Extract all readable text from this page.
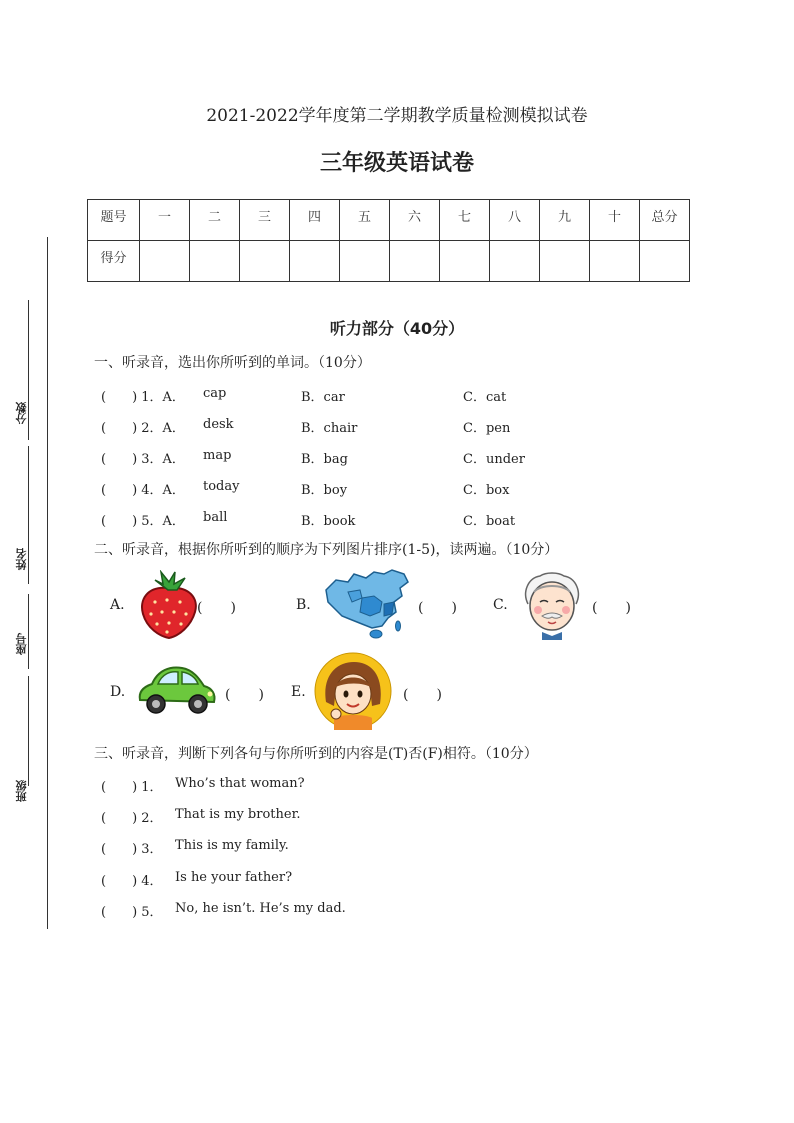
2021-2022学年度第二学期教学质量检测模拟试卷
三年级英语试卷
题号	一	二	三	四	五	六	七	八	九	十	总分
得分											
分数
姓名
座号
班级
听力部分（40分）
一、听录音，选出你所听到的单词。（10分）
(　　) 1．A． cap	B．car	C．cat
(　　) 2．A． desk	B．chair	C．pen
(　　) 3．A． map	B．bag	C．under
(　　) 4．A． today	B．boy	C．box
(　　) 5．A． ball	B．book	C．boat
二、听录音，根据你所听到的顺序为下列图片排序(1-5)，读两遍。（10分）
A.	(　　)	B.	(　　)	C.	(　　)
D.	(　　) E.	(　　)
三、听录音，判断下列各句与你所听到的内容是(T)否(F)相符。（10分）
(　　) 1． Who’s that woman?
(　　) 2． That is my brother.
(　　) 3． This is my family.
(　　) 4． Is he your father?
(　　) 5． No, he isn’t. He’s my dad.
